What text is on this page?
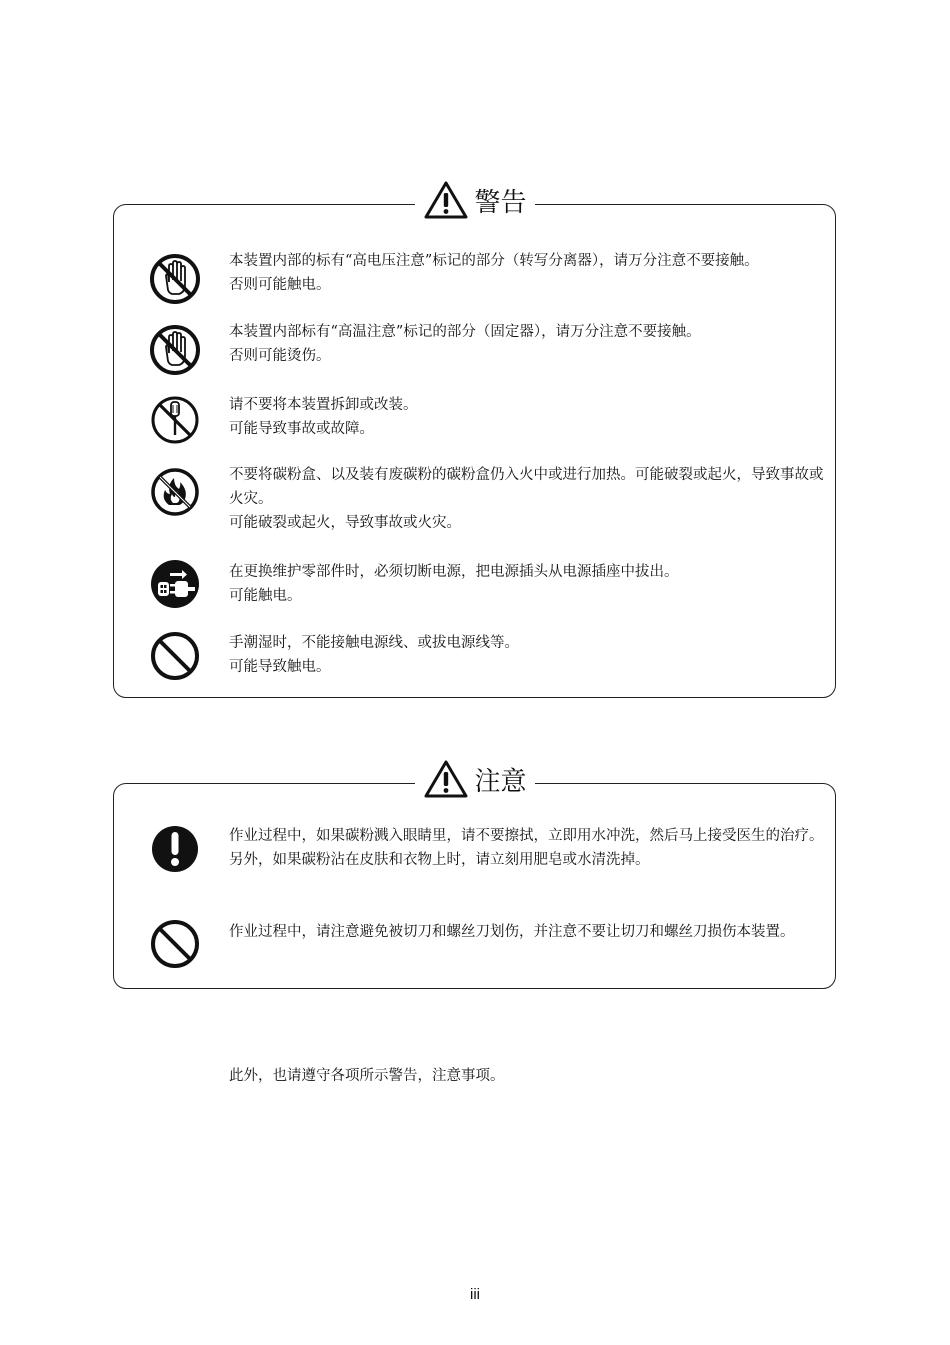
警告

本装置内部的标有“高电压注意”标记的部分（转写分离器），请万分注意不要接触。

否则可能触电。

本装置内部标有“高温注意”标记的部分（固定器），请万分注意不要接触。

否则可能烫伤。

请不要将本装置拆卸或改装。

可能导致事故或故障。

不要将碳粉盒、以及装有废碳粉的碳粉盒仍入火中或进行加热。可能破裂或起火，导致事故或火灾。

可能破裂或起火，导致事故或火灾。

在更换维护零部件时，必须切断电源，把电源插头从电源插座中拔出。

可能触电。

手潮湿时，不能接触电源线、或拔电源线等。

可能导致触电。

注意

作业过程中，如果碳粉溅入眼睛里，请不要擦拭，立即用水冲洗，然后马上接受医生的治疗。另外，如果碳粉沾在皮肤和衣物上时，请立刻用肥皂或水清洗掉。

作业过程中，请注意避免被切刀和螺丝刀划伤，并注意不要让切刀和螺丝刀损伤本装置。

此外，也请遵守各项所示警告，注意事项。
iii
